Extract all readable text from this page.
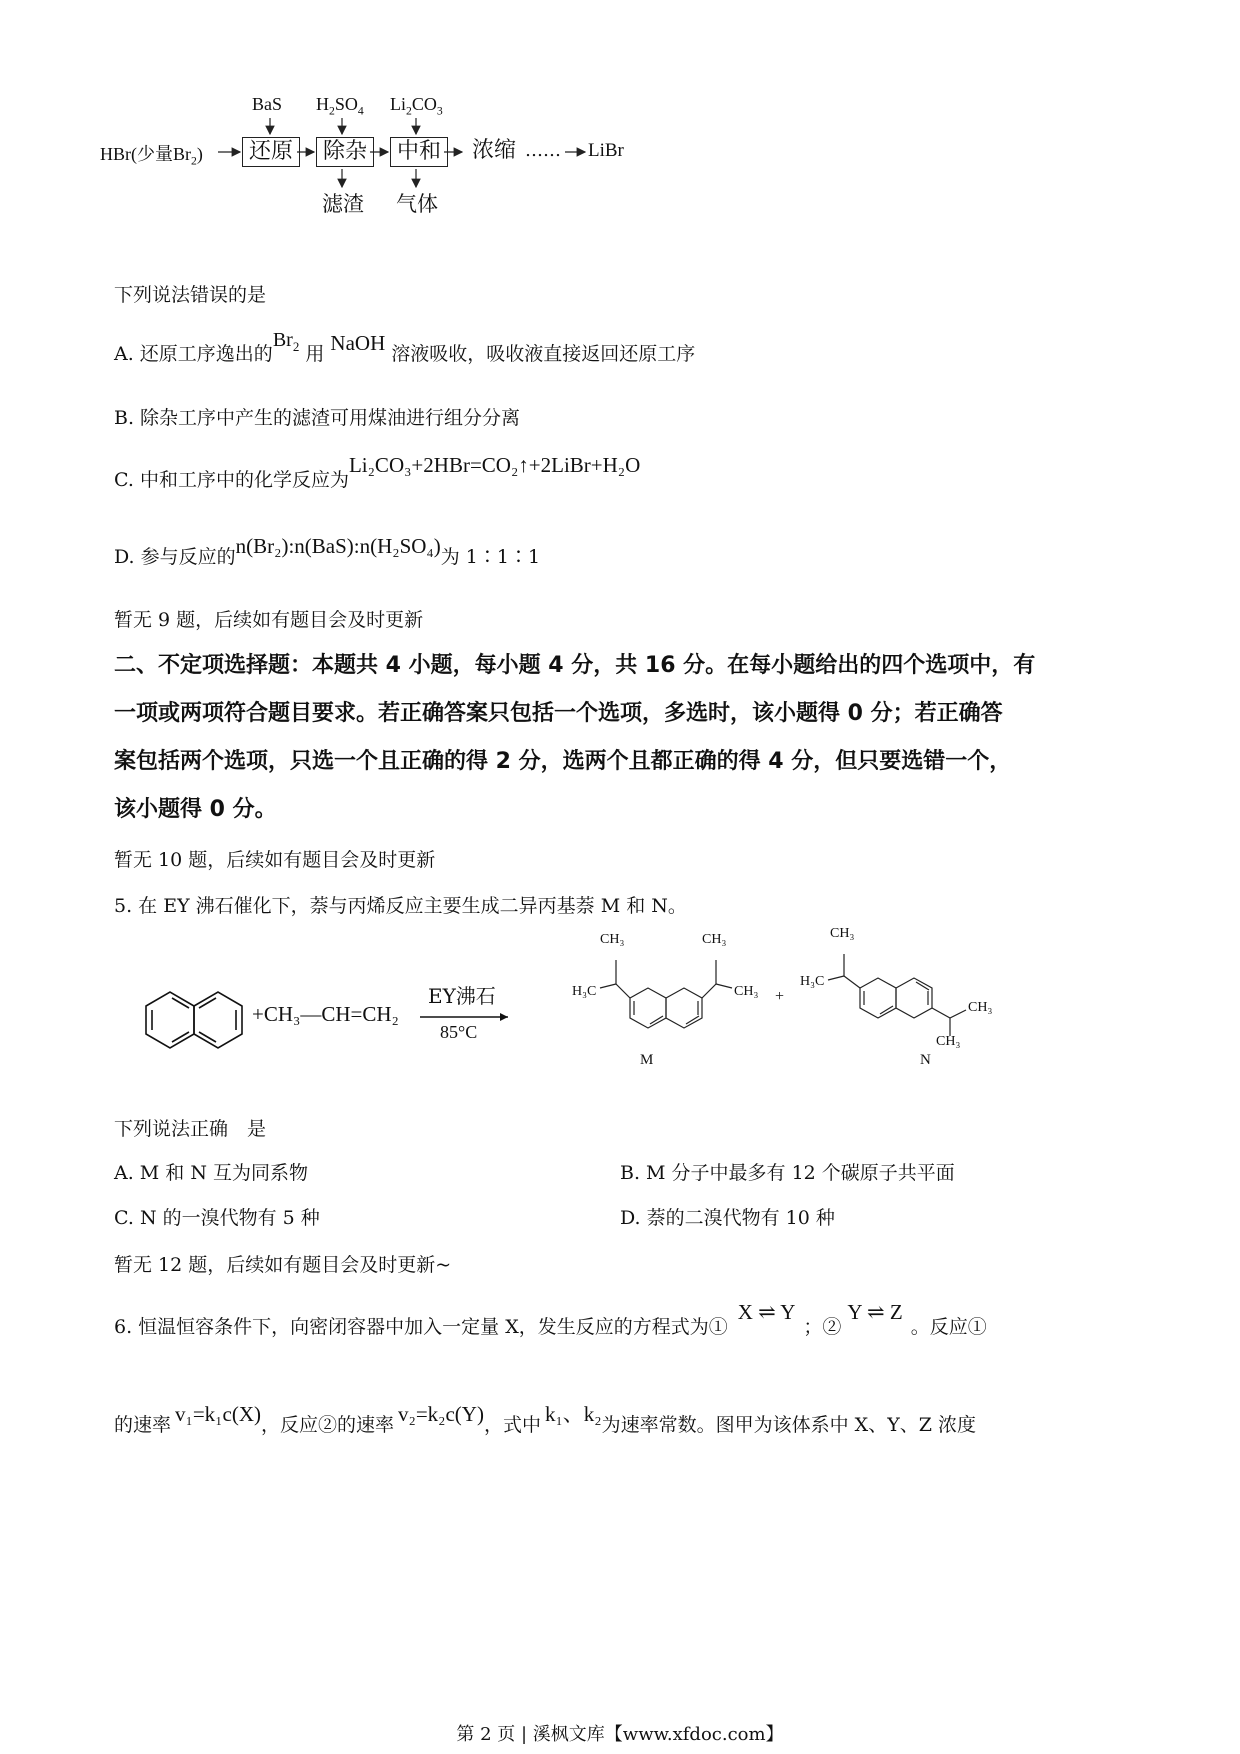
BaS $H_2SO_4$ $Li_2CO_3$
HBr(少量$Br_2$)	还原	除杂	中和	浓缩 …… LiBr
滤渣 气体
下列说法错误的是
A. 还原工序逸出的$Br_2$ 用 NaOH 溶液吸收，吸收液直接返回还原工序
B. 除杂工序中产生的滤渣可用煤油进行组分分离
C. 中和工序中的化学反应为Li₂CO₃+2HBr=CO₂↑+2LiBr+H₂O
D. 参与反应的n(Br₂):n(BaS):n(H₂SO₄)为 1∶1∶1
暂无 9 题，后续如有题目会及时更新
二、不定项选择题：本题共 4 小题，每小题 4 分，共 16 分。在每小题给出的四个选项中，有
一项或两项符合题目要求。若正确答案只包括一个选项，多选时，该小题得 0 分；若正确答
案包括两个选项，只选一个且正确的得 2 分，选两个且都正确的得 4 分，但只要选错一个，
该小题得 0 分。
暂无 10 题，后续如有题目会及时更新
5. 在 EY 沸石催化下，萘与丙烯反应主要生成二异丙基萘 M 和 N。
+CH₃—CH=CH₂
EY沸石
85°C
CH₃	CH₃
H₃C	CH₃ +
CH₃
H₃C
CH₃
CH₃
M	N
下列说法正确　是
A. M 和 N 互为同系物	B. M 分子中最多有 12 个碳原子共平面
C. N 的一溴代物有 5 种	D. 萘的二溴代物有 10 种
暂无 12 题，后续如有题目会及时更新~
6. 恒温恒容条件下，向密闭容器中加入一定量 X，发生反应的方程式为①X ⇌ Y；②Y ⇌ Z。反应①
的速率 v₁=k₁c(X)，反应②的速率 v₂=k₂c(Y)，式中 k₁、k₂为速率常数。图甲为该体系中 X、Y、Z 浓度
第 2 页 | 溪枫文库【www.xfdoc.com】
